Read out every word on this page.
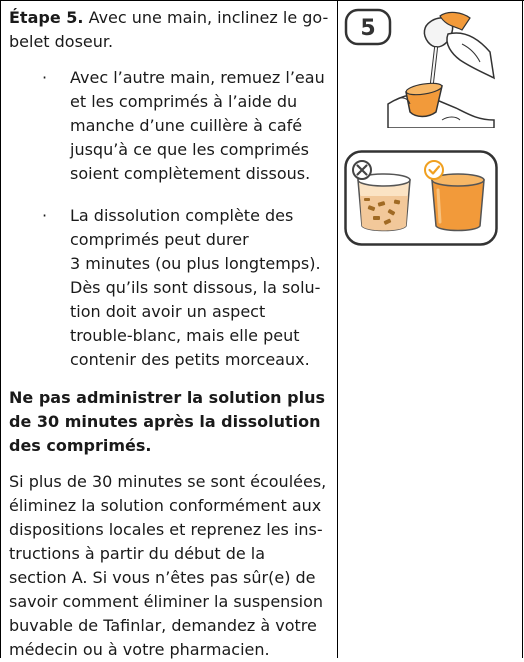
Étape 5. Avec une main, inclinez le go-

belet doseur.

· Avec l’autre main, remuez l’eau
et les comprimés à l’aide du
manche d’une cuillère à café
jusqu’à ce que les comprimés
soient complètement dissous.
· La dissolution complète des
comprimés peut durer
3 minutes (ou plus longtemps).
Dès qu’ils sont dissous, la solu-
tion doit avoir un aspect
trouble-blanc, mais elle peut
contenir des petits morceaux.
Ne pas administrer la solution plus
de 30 minutes après la dissolution
des comprimés.
Si plus de 30 minutes se sont écoulées,
éliminez la solution conformément aux
dispositions locales et reprenez les ins-
tructions à partir du début de la
section A. Si vous n’êtes pas sûr(e) de
savoir comment éliminer la suspension
buvable de Tafinlar, demandez à votre
médecin ou à votre pharmacien.
5
